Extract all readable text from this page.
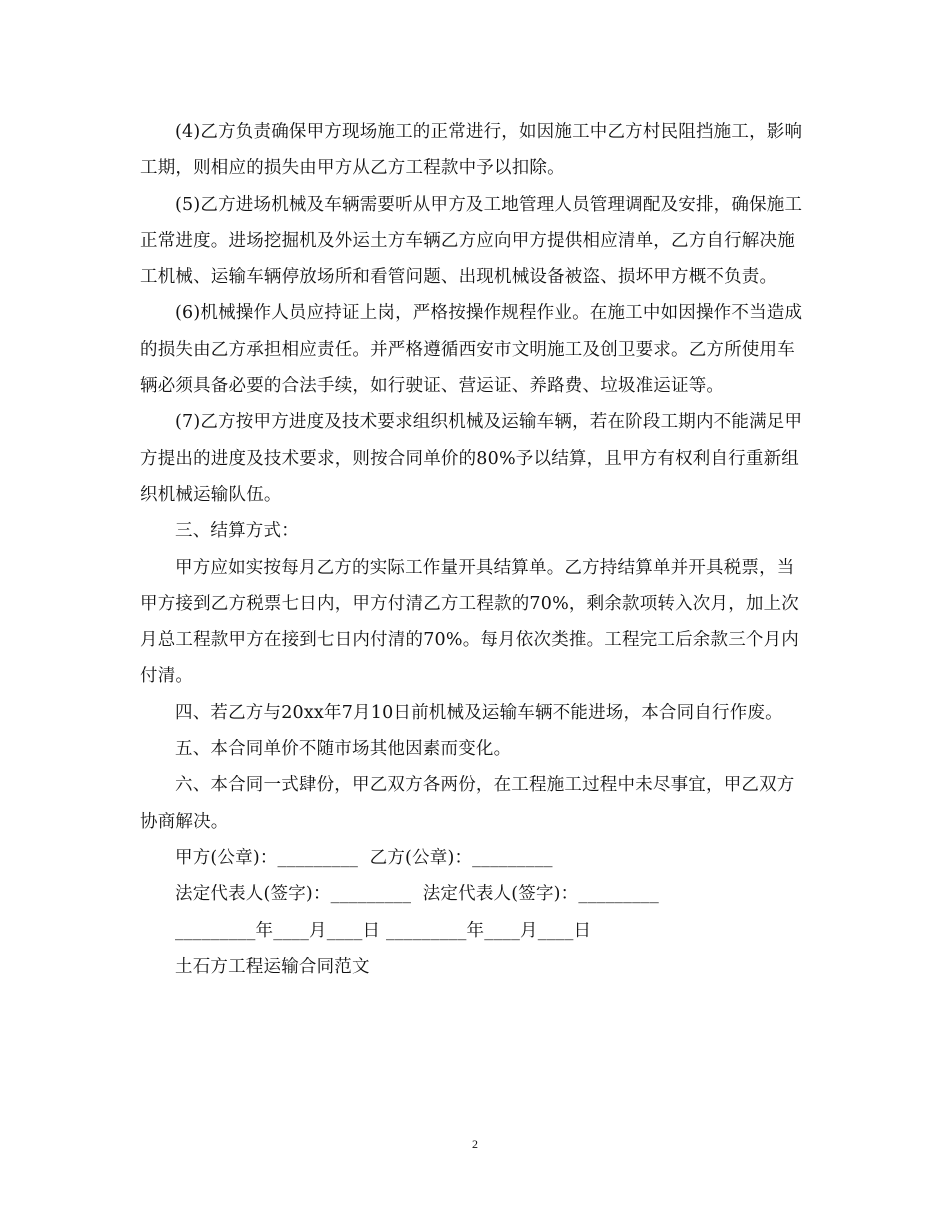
(4)乙方负责确保甲方现场施工的正常进行，如因施工中乙方村民阻挡施工，影响工期，则相应的损失由甲方从乙方工程款中予以扣除。

(5)乙方进场机械及车辆需要听从甲方及工地管理人员管理调配及安排，确保施工正常进度。进场挖掘机及外运土方车辆乙方应向甲方提供相应清单，乙方自行解决施工机械、运输车辆停放场所和看管问题、出现机械设备被盗、损坏甲方概不负责。

(6)机械操作人员应持证上岗，严格按操作规程作业。在施工中如因操作不当造成的损失由乙方承担相应责任。并严格遵循西安市文明施工及创卫要求。乙方所使用车辆必须具备必要的合法手续，如行驶证、营运证、养路费、垃圾准运证等。

(7)乙方按甲方进度及技术要求组织机械及运输车辆，若在阶段工期内不能满足甲方提出的进度及技术要求，则按合同单价的80%予以结算，且甲方有权利自行重新组织机械运输队伍。

三、结算方式：

甲方应如实按每月乙方的实际工作量开具结算单。乙方持结算单并开具税票，当甲方接到乙方税票七日内，甲方付清乙方工程款的70%，剩余款项转入次月，加上次月总工程款甲方在接到七日内付清的70%。每月依次类推。工程完工后余款三个月内付清。

四、若乙方与20xx年7月10日前机械及运输车辆不能进场，本合同自行作废。

五、本合同单价不随市场其他因素而变化。

六、本合同一式肆份，甲乙双方各两份，在工程施工过程中未尽事宜，甲乙双方协商解决。

甲方(公章)：_________  乙方(公章)：_________

法定代表人(签字)：_________  法定代表人(签字)：_________

_________年____月____日 _________年____月____日

土石方工程运输合同范文

2
